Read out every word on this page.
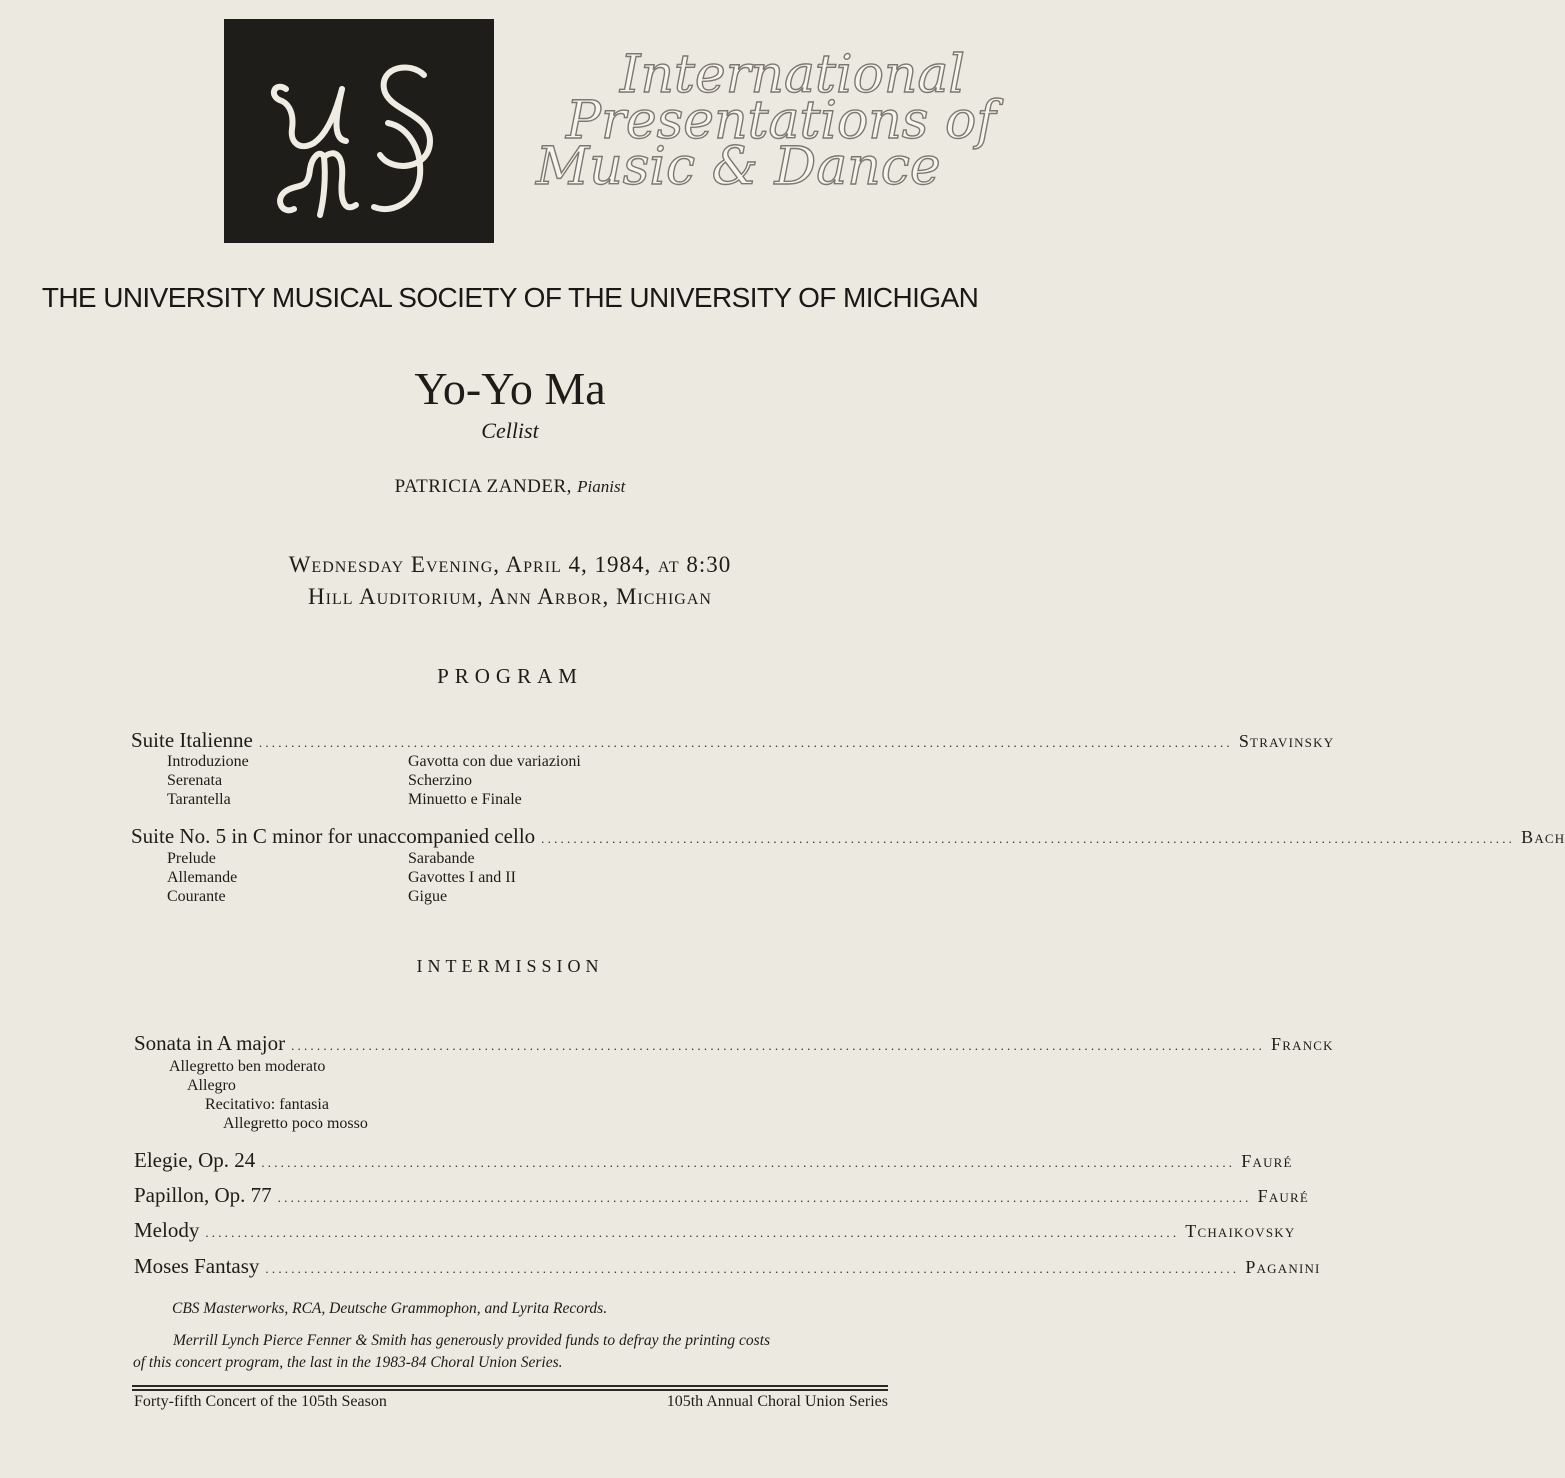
International
Presentations of
Music & Dance
THE UNIVERSITY MUSICAL SOCIETY OF THE UNIVERSITY OF MICHIGAN
Yo-Yo Ma
Cellist
PATRICIA ZANDER, Pianist
Wednesday Evening, April 4, 1984, at 8:30
Hill Auditorium, Ann Arbor, Michigan
PROGRAM
Suite Italienne ....................................................................................................................................................... Stravinsky
Introduzione
Serenata
Tarantella
Gavotta con due variazioni
Scherzino
Minuetto e Finale
Suite No. 5 in C minor for unaccompanied cello ....................................................................................................................................................... Bach
Prelude
Allemande
Courante
Sarabande
Gavottes I and II
Gigue
INTERMISSION
Sonata in A major ....................................................................................................................................................... Franck
Allegretto ben moderato
Allegro
Recitativo: fantasia
Allegretto poco mosso
Elegie, Op. 24 ....................................................................................................................................................... Fauré
Papillon, Op. 77 ....................................................................................................................................................... Fauré
Melody ....................................................................................................................................................... Tchaikovsky
Moses Fantasy ....................................................................................................................................................... Paganini
CBS Masterworks, RCA, Deutsche Grammophon, and Lyrita Records.
Merrill Lynch Pierce Fenner & Smith has generously provided funds to defray the printing costs
of this concert program, the last in the 1983-84 Choral Union Series.
Forty-fifth Concert of the 105th Season	105th Annual Choral Union Series
